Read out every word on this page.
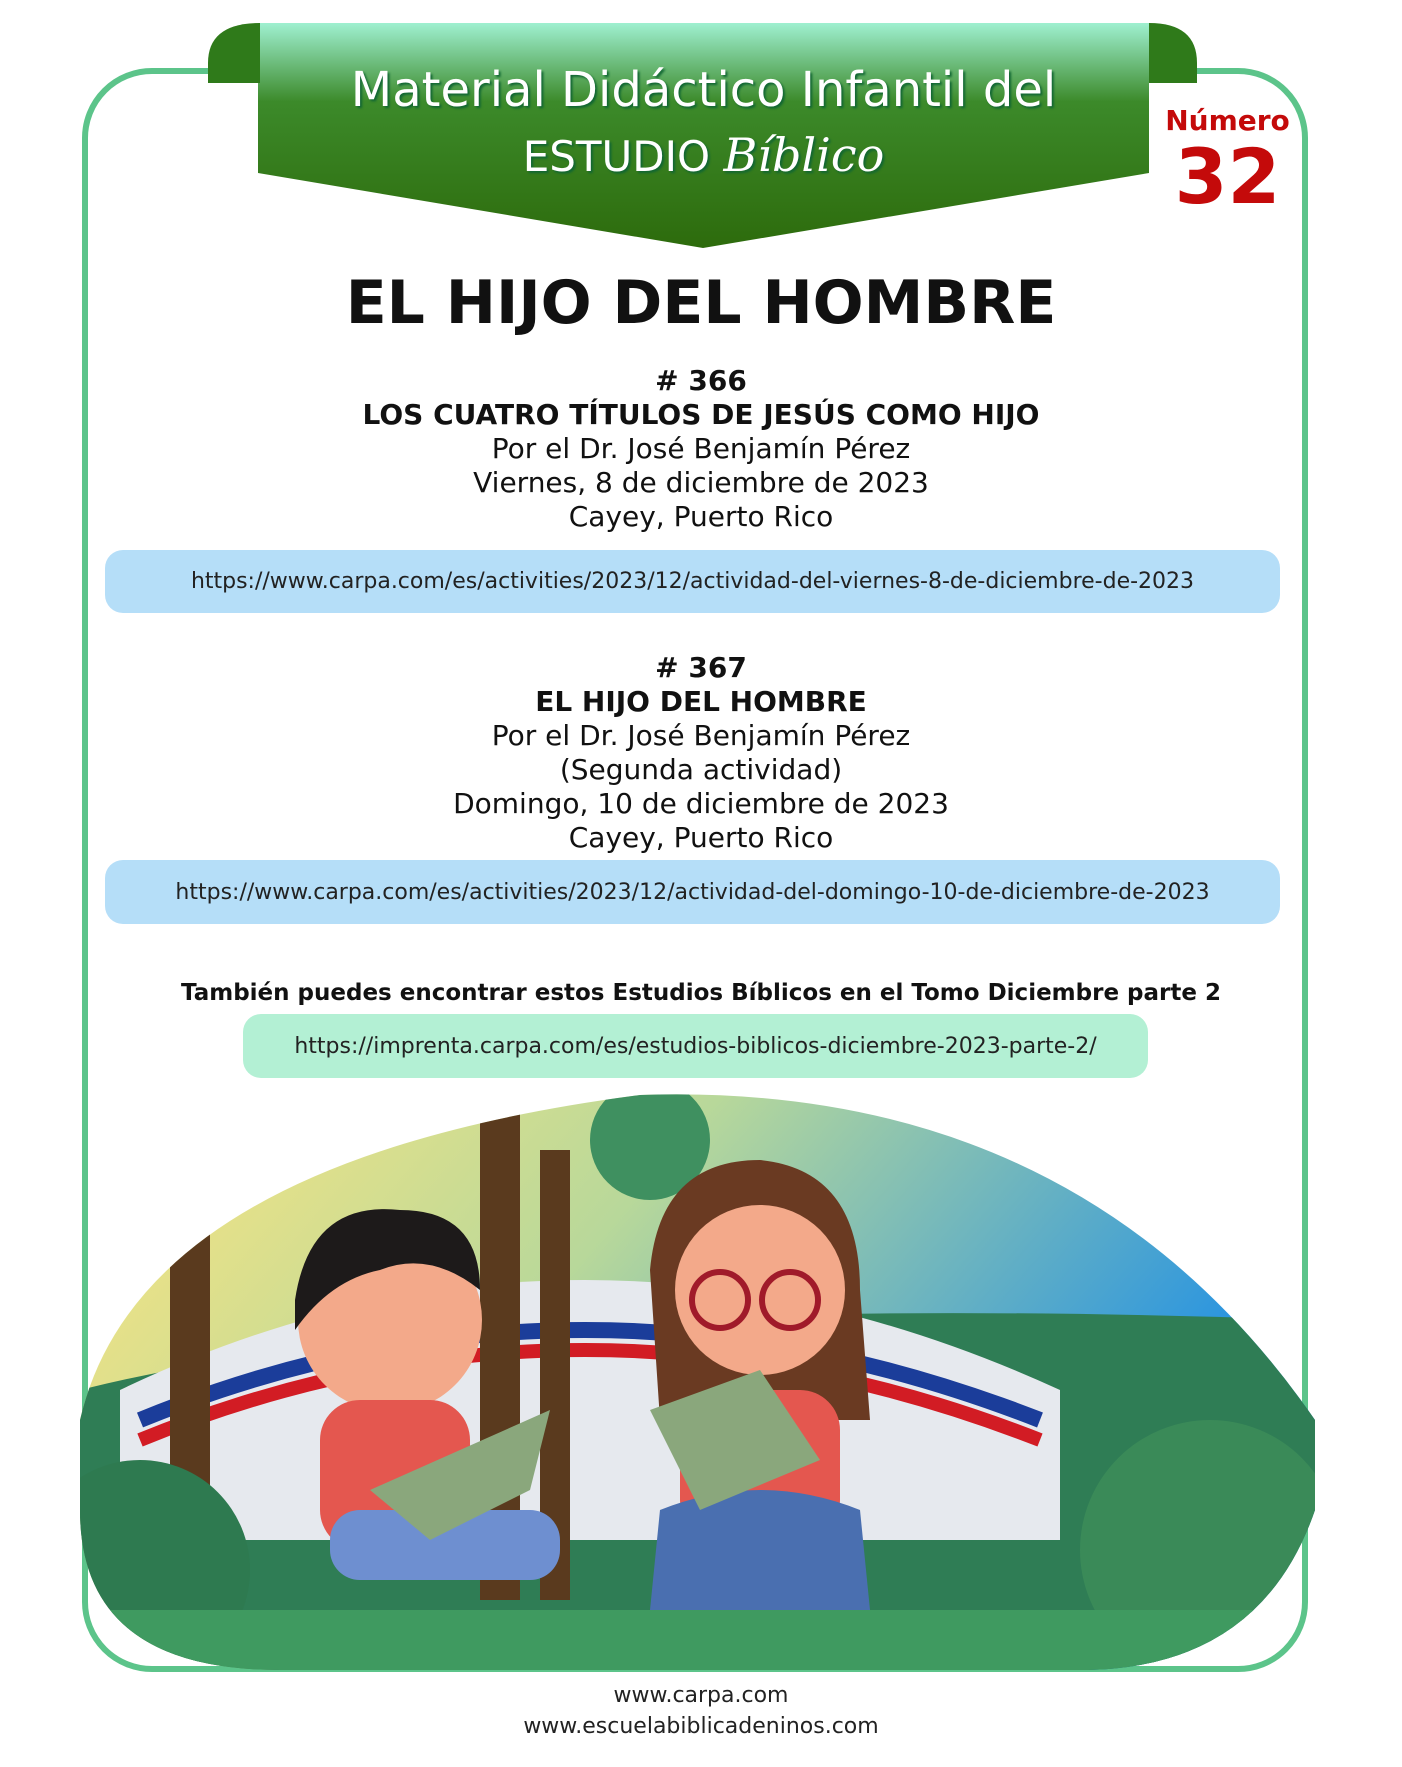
Material Didáctico Infantil del
ESTUDIO Bíblico
Número
32
EL HIJO DEL HOMBRE
# 366
LOS CUATRO TÍTULOS DE JESÚS COMO HIJO
Por el Dr. José Benjamín Pérez
Viernes, 8 de diciembre de 2023
Cayey, Puerto Rico
https://www.carpa.com/es/activities/2023/12/actividad-del-viernes-8-de-diciembre-de-2023
# 367
EL HIJO DEL HOMBRE
Por el Dr. José Benjamín Pérez
(Segunda actividad)
Domingo, 10 de diciembre de 2023
Cayey, Puerto Rico
https://www.carpa.com/es/activities/2023/12/actividad-del-domingo-10-de-diciembre-de-2023
También puedes encontrar estos Estudios Bíblicos en el Tomo Diciembre parte 2
https://imprenta.carpa.com/es/estudios-biblicos-diciembre-2023-parte-2/
www.carpa.com
www.escuelabiblicadeninos.com
